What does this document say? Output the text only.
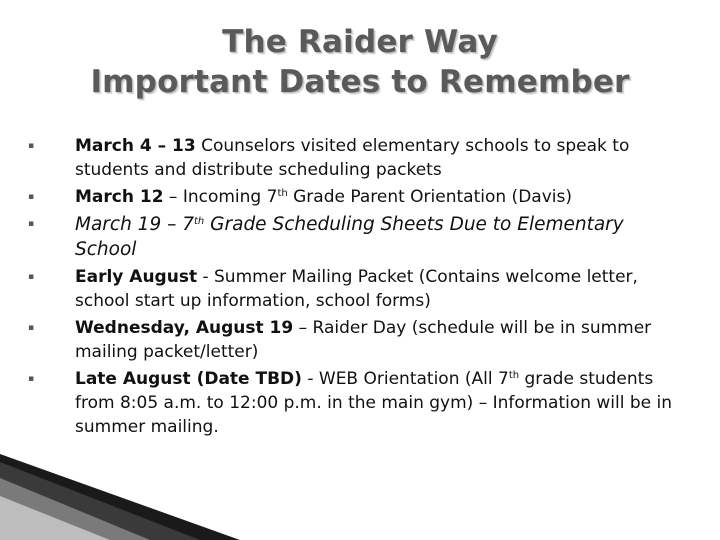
The Raider Way
Important Dates to Remember
▪ March 4 – 13 Counselors visited elementary schools to speak to students and distribute scheduling packets
▪ March 12 – Incoming 7th Grade Parent Orientation (Davis)
▪ March 19 – 7th Grade Scheduling Sheets Due to Elementary School
▪ Early August - Summer Mailing Packet (Contains welcome letter, school start up information, school forms)
▪ Wednesday, August 19 – Raider Day (schedule will be in summer mailing packet/letter)
▪ Late August (Date TBD) - WEB Orientation (All 7th grade students from 8:05 a.m. to 12:00 p.m. in the main gym) – Information will be in summer mailing.
